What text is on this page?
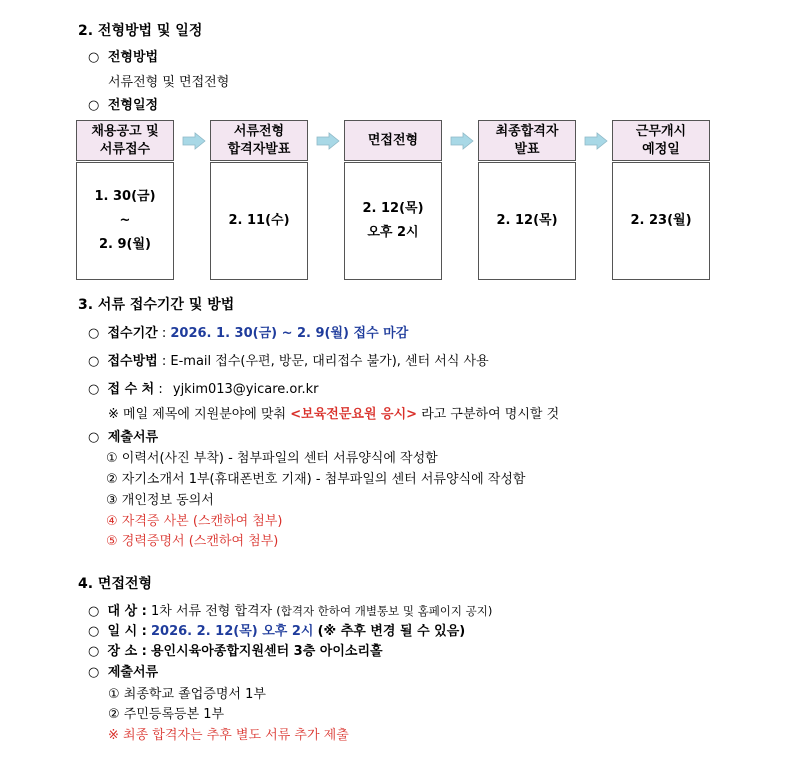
2. 전형방법 및 일정
○ 전형방법
서류전형 및 면접전형
○ 전형일정
채용공고 및
서류접수
1. 30(금)
~
2. 9(월)
서류전형
합격자발표
2. 11(수)
면접전형
2. 12(목)
오후 2시
최종합격자
발표
2. 12(목)
근무개시
예정일
2. 23(월)
3. 서류 접수기간 및 방법
○ 접수기간 : 2026. 1. 30(금) ~ 2. 9(월) 접수 마감
○ 접수방법 : E-mail 접수(우편, 방문, 대리접수 불가), 센터 서식 사용
○ 접 수 처 : yjkim013@yicare.or.kr
※ 메일 제목에 지원분야에 맞춰 <보육전문요원 응시> 라고 구분하여 명시할 것
○ 제출서류
① 이력서(사진 부착) - 첨부파일의 센터 서류양식에 작성함
② 자기소개서 1부(휴대폰번호 기재) - 첨부파일의 센터 서류양식에 작성함
③ 개인정보 동의서
④ 자격증 사본 (스캔하여 첨부)
⑤ 경력증명서 (스캔하여 첨부)
4. 면접전형
○ 대 상 : 1차 서류 전형 합격자 (합격자 한하여 개별통보 및 홈페이지 공지)
○ 일 시 : 2026. 2. 12(목) 오후 2시 (※ 추후 변경 될 수 있음)
○ 장 소 : 용인시육아종합지원센터 3층 아이소리홀
○ 제출서류
① 최종학교 졸업증명서 1부
② 주민등록등본 1부
※ 최종 합격자는 추후 별도 서류 추가 제출
